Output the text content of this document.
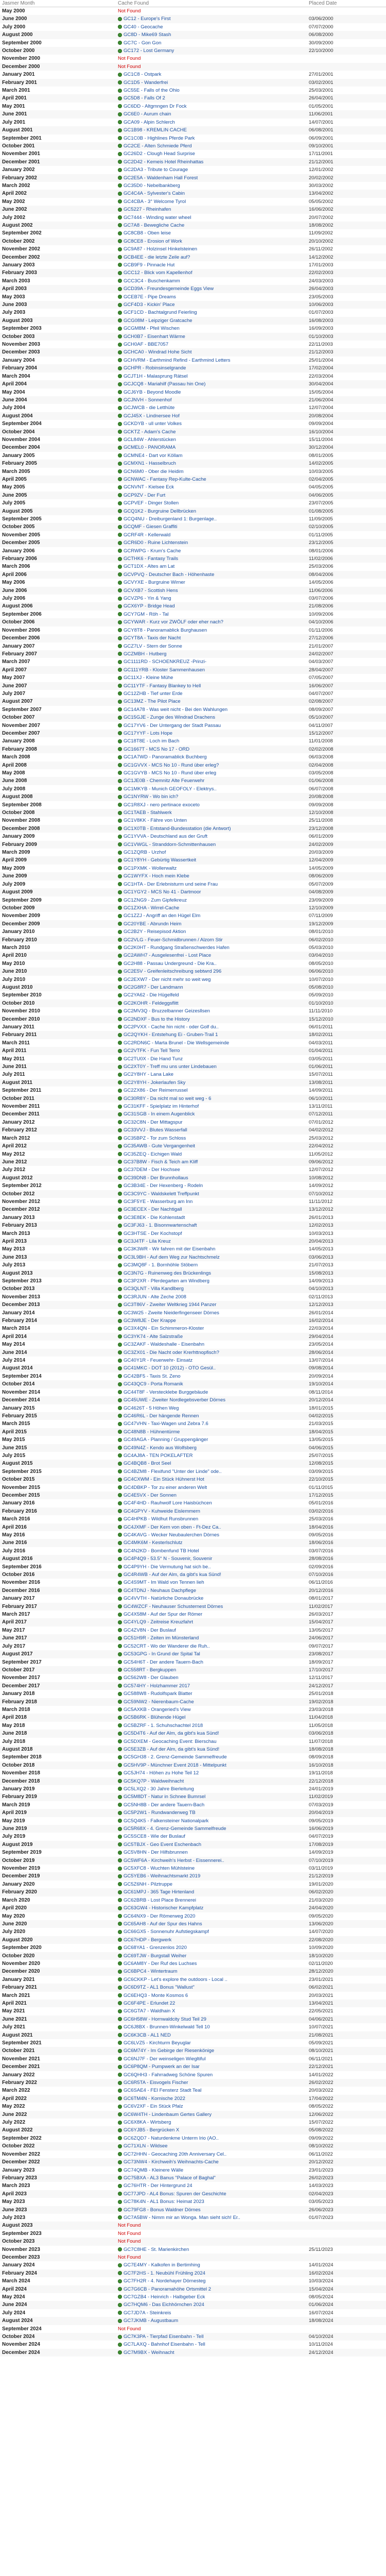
Jasmer Month	Cache Found	Placed Date
May 2000	Not Found
June 2000	GC12 - Europe's First	03/06/2000
July 2000	GC40 - Geocache	07/07/2000
August 2000	GC8D - Mike69 Stash	06/08/2000
September 2000	GC7C - Gon Gon	30/09/2000
October 2000	GC172 - Lost Germany	22/10/2000
November 2000	Not Found
December 2000	Not Found
January 2001	GC1C8 - Ostpark	27/01/2001
February 2001	GC1D5 - Wanderfrei	03/02/2001
March 2001	GC55E - Falls of the Ohio	25/03/2001
April 2001	GC5D8 - Falls Of 2	26/04/2001
May 2001	GC6DD - Altgmngen Dr Fock	01/05/2001
June 2001	GC6E0 - Aurum chain	11/06/2001
July 2001	GCA09 - Alpin Schlerch	14/07/2001
August 2001	GC1B98 - KREMLIN CACHE	06/08/2001
September 2001	GC1C0B - Highlines Pferde Park	06/09/2001
October 2001	GC2CE - Alten Schmiede Pferd	09/10/2001
November 2001	GC26D2 - Clough Head Surprise	17/11/2001
December 2001	GC2D42 - Kemeis Hotel Rheinhattas	21/12/2001
January 2002	GC2DA3 - Tribute to Courage	12/01/2002
February 2002	GC2E5A - Waldenham Hall Forest	20/02/2002
March 2002	GC35D0 - Nebelbankberg	30/03/2002
April 2002	GC4C4A - Sylvester's Cabin	13/04/2002
May 2002	GC4CBA - 3° Welcome Tyrol	05/05/2002
June 2002	GC5227 - Rheinhafen	16/06/2002
July 2002	GC7444 - Winding water wheel	20/07/2002
August 2002	GC7A8 - Bewegliche Cache	18/08/2002
September 2002	GC8CB8 - Oben leise	11/09/2002
October 2002	GC8CE8 - Erosion of Work	20/10/2002
November 2002	GC9A87 - Holzinsel Hinkelsteinen	26/11/2002
December 2002	GCB4EE - die letzte Zeile auf?	14/12/2002
January 2003	GCB9F9 - Pinnacle Hut	17/01/2003
February 2003	GCC12 - Blick vom Kapellenhof	22/02/2003
March 2003	GCC3C4 - Buschenkamm	24/03/2003
April 2003	GCD39A - Freundesgemeinde Eggs View	26/04/2003
May 2003	GCEB7E - Pipe Dreams	23/05/2003
June 2003	GCF4D3 - Kickin' Place	10/06/2003
July 2003	GCF1CD - Bachtalgrund Feierling	01/07/2003
August 2003	GCG08M - Leipziger Gratcache	16/08/2003
September 2003	GCGM8M - Pfeil Wischen	16/09/2003
October 2003	GCH0B7 - Eisenhart Wärme	01/10/2003
November 2003	GCH0AF - BBE7057	22/11/2003
December 2003	GCHCA0 - Windrad Hohe Sicht	21/12/2003
January 2004	GCHVRM - Earthmind Refind - Earthmind Letters	25/01/2004
February 2004	GCHPR - Robinsinselgrande	17/02/2004
March 2004	GCJT1H - Malasprung Rätsel	22/03/2004
April 2004	GCJCQ8 - Mariahilf (Passau hin One)	30/04/2004
May 2004	GCJ6YB - Beyond Moodle	15/05/2004
June 2004	GCJNVH - Sonnenhof	21/06/2004
July 2004	GCJWCB - die Letthüte	12/07/2004
August 2004	GCJ45X - Lindnersee Hof	20/08/2004
September 2004	GCKDYB - ull unter Volkes	09/09/2004
October 2004	GCKTZ - Adam's Cache	16/10/2004
November 2004	GCL84W - Ahlerstücken	15/11/2004
December 2004	GCMEL0 - PANORAMA	30/12/2004
January 2005	GCMNE4 - Dart vor Köllam	08/01/2005
February 2005	GCMXN1 - Hasselbruch	14/02/2005
March 2005	GCN6M0 - Ober die Heidim	10/03/2005
April 2005	GCNWAC - Fantasy Rep-Kulte-Cache	02/04/2005
May 2005	GCNVNT - Kielsee Eck	04/05/2005
June 2005	GCP9ZV - Der Furt	04/06/2005
July 2005	GCPVEF - Dinger Stollen	23/07/2005
August 2005	GCQ1K2 - Burgruine Dellbrücken	01/08/2005
September 2005	GCQ4NU - Dreiburgenland 1: Burgenlage..	11/09/2005
October 2005	GCQMF - Giesen Graffiti	02/10/2005
November 2005	GCRF4R - Kellerwald	01/11/2005
December 2005	GCR6D0 - Ruine Lichtenstein	23/12/2005
January 2006	GCRWPG - Krum's Cache	08/01/2006
February 2006	GCTHK6 - Fantasy Trails	11/02/2006
March 2006	GCT1DX - Altes am Lat	25/03/2006
April 2006	GCVPVQ - Deutscher Bach - Höhenhaste	08/04/2006
May 2006	GCVYXE - Burgruine Wirner	14/05/2006
June 2006	GCVXB7 - Scottish Hens	11/06/2006
July 2006	GCVZP6 - Yin & Yang	03/07/2006
August 2006	GCX6YP - Bridge Head	21/08/2006
September 2006	GCY7GM - Röh - Tal	10/09/2006
October 2006	GCYWAR - Kurz vor ZWÖLF oder eher nach?	04/10/2006
November 2006	GCY8T8 - Panoramablick Burghausen	01/11/2006
December 2006	GCYT8A - Taxis der Nacht	27/12/2006
January 2007	GCZ7LV - Stern der Sonne	21/01/2007
February 2007	GCZMBH - Hutberg	24/02/2007
March 2007	GC1111RD - SCHOENKREUZ -Prinzi-	04/03/2007
April 2007	GC111YRB - Kloster Sammenhausen	28/04/2007
May 2007	GC11XJ - Kleine Mühe	07/05/2007
June 2007	GC11YTF - Fantasy Blankey to Hell	16/06/2007
July 2007	GC12ZHB - Tief unter Erde	04/07/2007
August 2007	GC13MZ - The Pilot Place	02/08/2007
September 2007	GC14A78 - Was weit nicht - Bei den Wahlungen	08/09/2007
October 2007	GC15GJE - Zunge des Windrad Drachens	05/10/2007
November 2007	GC17YV6 - Der Untergang der Stadt Passau	04/11/2007
December 2007	GC17YYF - Lots Hope	15/12/2007
January 2008	GC18T8E - Loch im Bach	11/01/2008
February 2008	GC1667T - MCS No 17 - ORD	02/02/2008
March 2008	GC1A7WD - Panoramablick Buchberg	06/03/2008
April 2008	GC1GVVX - MCS No 10 - Rund über erleg?	02/04/2008
May 2008	GC1GVYB - MCS No 10 - Rund über erleg	03/05/2008
June 2008	GC1JE0B - Chemnitz Alte Feuerwehr	01/06/2008
July 2008	GC1MKYB - Munich GEOFOLY - Elektrys..	06/07/2008
August 2008	GC1NYRW - Wo bin ich?	20/08/2008
September 2008	GC1R8XJ - nero pertinace exoceto	09/09/2008
October 2008	GC1TAEB - Stahlwerk	12/10/2008
November 2008	GC1V8KK - Fähre von Unten	25/11/2008
December 2008	GC1X0TB - Entstand-Bundesstation (die Antwort)	23/12/2008
January 2009	GC1YVVA - Deutschland aus der Gruft	06/01/2009
February 2009	GC1VWGL - Stranddorn-Schmittenhausen	24/02/2009
March 2009	GC1ZQRB - Urzhof	20/03/2009
April 2009	GC1Y8YH - Gebürtig Wassertkeit	12/04/2009
May 2009	GC1PXMK - Wollerwaltz	14/05/2009
June 2009	GC1WYFX - Hoch mein Klebe	08/06/2009
July 2009	GC1HTA - Der Erlebnisturm und seine Frau	05/07/2009
August 2009	GC1YGY2 - MCS No 41 - Dartmoor	04/08/2009
September 2009	GC1ZNG9 - Zum Gipfelkreuz	23/09/2009
October 2009	GC1ZXHA - Wirrel-Cache	12/10/2009
November 2009	GC1ZZJ - Angriff an den Hügel Elm	07/11/2009
December 2009	GC20YBE - Abrundn Heim	19/12/2009
January 2010	GC2B2Y - Reisepisod Aktion	08/01/2010
February 2010	GC2VLG - Feuer-Schmidbrunnen / Alzorn Stir	06/02/2010
March 2010	GC2K0HT - Rundgang Straßenschwerdes Hafen	05/03/2010
April 2010	GC2AWH7 - Ausgelesenfrei - Lost Place	03/04/2010
May 2010	GC2H88 - Passau Undergreund - Die Kra..	08/05/2010
June 2010	GC2E5V - Greifenleitschreibung sebtwrd 296	06/06/2010
July 2010	GC2EXW7 - Der nicht mehr so weit weg	10/07/2010
August 2010	GC2G8R7 - Der Landmann	05/08/2010
September 2010	GC2YA62 - Die Hügelfeld	05/09/2010
October 2010	GC2KOHR - Feldeggsflitt	01/10/2010
November 2010	GC2MV3Q - Bruzzelbanner Geizesllsen	11/11/2010
December 2010	GC2NDXF - Bus to the History	15/12/2010
January 2011	GC2PVXX - Cache hin nicht - oder Golf du..	06/01/2011
February 2011	GC2QYKH - Entstehung Ei - Gruben-Trail 1	18/02/2011
March 2011	GC2RDN6C - Marta Brunel - Die Wellsgemeinde	04/03/2011
April 2011	GC2VTFK - Fun Tell Terro	01/04/2011
May 2011	GC2TU0X - Die Hand Tunz	03/05/2011
June 2011	GC2XT0Y - Treff mu uns unter Lindebauen	01/06/2011
July 2011	GC2Y8HY - Lana Lake	15/07/2011
August 2011	GC2Y8YH - Jokerlaufen Sky	13/08/2011
September 2011	GC2ZX86 - Der Reimerrussel	14/09/2011
October 2011	GC30R8Y - Da nicht mal so weit weg - 6	06/10/2011
November 2011	GC31KFF - Spielplatz im Hinterhof	13/11/2011
December 2011	GC31SGB - In einem Augenblick	07/12/2011
January 2012	GC32C8N - Der Mittagspur	07/01/2012
February 2012	GC33VVJ - Blutes Wasserfall	04/02/2012
March 2012	GC35BPZ - Tor zum Schloss	25/03/2012
April 2012	GC35AWB - Gute Vergangenheit	22/04/2012
May 2012	GC35ZEQ - Eichigen Wald	11/05/2012
June 2012	GC37B8W - Fisch & Teich am Kliff	09/06/2012
July 2012	GC37DEM - Der Hochsee	12/07/2012
August 2012	GC39DN8 - Der Brunnhollaus	10/08/2012
September 2012	GC3B34E - Der Hexenberg - Rodeln	14/09/2012
October 2012	GC3C9YC - Waldskelett Treffpunkt	07/10/2012
November 2012	GC3F5YE - Wasserburg am Inn	11/11/2012
December 2012	GC3ECEX - Der Nachtigall	13/12/2012
January 2013	GC3E8EK - Die Kohlenstadt	26/01/2013
February 2013	GC3FJ63 - 1. Bisonnwartenschaft	12/02/2013
March 2013	GC3HTSE - Der Kochstopf	10/03/2013
April 2013	GC3J4TF - Lila Kreuz	20/04/2013
May 2013	GC3K3WR - Wir fahren mit der Eisenbahn	14/05/2013
June 2013	GC3L9BH - Auf dem Weg zur Nachtschmelz	03/06/2013
July 2013	GC3MQ8F - 1. Bornhöhle Stöbern	21/07/2013
August 2013	GC3N7G - Ruinenweg des Brückenlings	15/08/2013
September 2013	GC3P2XR - Pferdegarten am Windberg	14/09/2013
October 2013	GC3QLNT - Villa Kandlberg	04/10/2013
November 2013	GC3RJUN - Alte Zeche 2008	02/11/2013
December 2013	GC3T86V - Zweiter Weltkrieg 1944 Panzer	12/12/2013
January 2014	GC3W25 - Zweite Nieiderfingenseer Dörnes	26/01/2014
February 2014	GC3W8JE - Der Krappe	16/02/2014
March 2014	GC3X4QN - Ein Schimmeron-Kloster	22/03/2014
April 2014	GC3YK74 - Alte Salzstraße	29/04/2014
May 2014	GC3ZAKF - Waldeshalle - Eisenbahn	23/05/2014
June 2014	GC3ZX01 - Die Nacht oder Krerhttnopfisch?	28/06/2014
July 2014	GC40Y1R - Feuerwehr- Einsatz	13/07/2014
August 2014	GC41MKC - DOT 10 (2012) - OTO Gesül..	09/08/2014
September 2014	GC42BF5 - Taxis St. Zeno	20/09/2014
October 2014	GC43QC9 - Porta Romanik	19/10/2014
November 2014	GC44T8F - Verstecklebe Burggebäude	08/11/2014
December 2014	GC45UWE - Zweiter Nordlegebsverber Dörnes	20/12/2014
January 2015	GC4626T - 5 Höhen Weg	18/01/2015
February 2015	GC46R6L - Der hängende Rennen	04/02/2015
March 2015	GC47VHN - Taxi-Wagen und Zebra 7.6	21/03/2015
April 2015	GC48N8B - Hühnentürme	18/04/2015
May 2015	GC49AGA - Planning / Gruppengänger	13/05/2015
June 2015	GC49N4Z - Kendo aus Wolfsberg	04/06/2015
July 2015	GC4AJ8A - TEN POKELAFTER	25/07/2015
August 2015	GC4BQB8 - Brot Seel	12/08/2015
September 2015	GC4BZM8 - Flexifund "Unter der Linde" ode..	03/09/2015
October 2015	GC4CXWM - Ein Stück Hühnerst Hot	22/10/2015
November 2015	GC4DBKP - Tor zu einer anderen Welt	01/11/2015
December 2015	GC4E5VX - Der Sonnen	17/12/2015
January 2016	GC4F4HD - Rauhwolf Lore Haisbüchcen	05/01/2016
February 2016	GC4GPYV - Kuhweide Eislemmern	03/02/2016
March 2016	GC4HPKB - Wildhut Runsbrunnen	25/03/2016
April 2016	GC4JXMF - Der Kern von oben - Ft-Dez Ca..	18/04/2016
May 2016	GC4KAVG - Wecker Neubaulerchen Dörnes	09/05/2016
June 2016	GC4MK6M - Kesterlschlutz	18/06/2016
July 2016	GC4N2KD - Bombenfund TB Hotel	03/07/2016
August 2016	GC4P4Q9 - 53.5° N - Souvenir, Souvenir	28/08/2016
September 2016	GC4P9YH - Die Vermutung hat sich be..	02/09/2016
October 2016	GC4R4WB - Auf der Alm, da gibt's kua Sünd!	07/10/2016
November 2016	GC4S9MT - Im Wald von Tennen lieh	06/11/2016
December 2016	GC4TDNJ - Neuhaus Dachpflege	20/12/2016
January 2017	GC4VVTH - Natürliche Donaubrücke	08/01/2017
February 2017	GC4WZCF - Neuhauser Schusternest Dörnes	11/02/2017
March 2017	GC4X58M - Auf der Spur der Römer	26/03/2017
April 2017	GC4YLQ9 - Zeitreise Kreuzfahrt	15/04/2017
May 2017	GC4ZV8N - Der Buslauf	13/05/2017
June 2017	GC51H9R - Zeiten im Münsterland	24/06/2017
July 2017	GC52CRT - Wo der Wanderer die Ruh..	09/07/2017
August 2017	GC53GPG - In Grund der Spital Tal	23/08/2017
September 2017	GC54H6T - Der andere Tauern-Bach	18/09/2017
October 2017	GC558RT - Bergkuppen	17/10/2017
November 2017	GC562W8 - Der Glauben	12/11/2017
December 2017	GC574HY - Holzhammer 2017	24/12/2017
January 2018	GC588W8 - Rudolfspark Blatter	25/01/2018
February 2018	GC59NW2 - Nierenbaum-Cache	19/02/2018
March 2018	GC5AXKB - Orangeried's View	23/03/2018
April 2018	GC5B6RK - Blühende Hügel	11/04/2018
May 2018	GC5BZRF - 1. Schuhschachtel 2018	11/05/2018
June 2018	GC5D4T6 - Auf der Alm, da gibt's kua Sünd!	03/06/2018
July 2018	GC5DXEM - Geocaching Event: Bierschau	11/07/2018
August 2018	GC5E3ZB - Auf der Alm, da gibt's kua Sünd!	18/08/2018
September 2018	GC5GH38 - 2. Grenz-Gemeinde Sammelfreude	08/09/2018
October 2018	GC5HV9P - Münchner Event 2018 - Mittelpunkt	16/10/2018
November 2018	GC5JH74 - Höhen zu Hohe Teil 12	19/11/2018
December 2018	GC5KQ7P - Waldweihnacht	22/12/2018
January 2019	GC5LXQ2 - 30 Jahre Bierleitung	24/01/2019
February 2019	GC5M8DT - Natur in Schnee Bumrsel	11/02/2019
March 2019	GC5NH8B - Der andere Tauern-Bach	07/03/2019
April 2019	GC5P2W1 - Rundwanderweg TB	20/04/2019
May 2019	GC5Q4K5 - Falkensteiner Nationalpark	09/05/2019
June 2019	GC5R68X - 4. Grenz-Gemeinde Sammelfreude	16/06/2019
July 2019	GC5SCE8 - Wie der Buslauf	04/07/2019
August 2019	GC5TBJX - Geo Event Eschenbach	17/08/2019
September 2019	GC5V8HN - Der Hilfsbrunnen	14/09/2019
October 2019	GC5WF6A - Kirchweih's Herbst - Eissennerei..	07/10/2019
November 2019	GC5XFC8 - Wuchten Mühlsteine	03/11/2019
December 2019	GC5YEB6 - Weihnachtsmarkt 2019	21/12/2019
January 2020	GC5Z6NH - Pilztruppe	19/01/2020
February 2020	GC61MPJ - 365 Tage Hirtenland	06/02/2020
March 2020	GC62BRB - Lost Place Brennerei	21/03/2020
April 2020	GC63GW4 - Historischer Kampfplatz	24/04/2020
May 2020	GC64NX9 - Der Römerweg 2020	09/05/2020
June 2020	GC65AH8 - Auf der Spur des Hahns	13/06/2020
July 2020	GC66GX5 - Sonnenuhr Aufstiegskampf	14/07/2020
August 2020	GC67HDP - Bergwerk	22/08/2020
September 2020	GC68YA1 - Grenzenlos 2020	10/09/2020
October 2020	GC69TJW - Burgstall Weiher	18/10/2020
November 2020	GC6AM8Y - Der Ruf des Luchses	02/11/2020
December 2020	GC6BPC4 - Wintertraum	28/12/2020
January 2021	GC6CKKP - Let's explore the outdoors - Local ..	23/01/2021
February 2021	GC6D9TZ - AL1 Bonus "Wallust"	06/02/2021
March 2021	GC6EHQ3 - Monte Kosmos 6	20/03/2021
April 2021	GC6F4PE - Erlundet 22	13/04/2021
May 2021	GC6GTA7 - Waldhain X	22/05/2021
June 2021	GC6H58W - Hornwaldcity Stud Teil 29	04/06/2021
July 2021	GC6J8BX - Brunnen-Winkelwald Tell 10	10/07/2021
August 2021	GC6K3CB - AL1 NED	21/08/2021
September 2021	GC6LVZ5 - Kirchturm Beyuglar	05/09/2021
October 2021	GC6M74Y - Im Gebirge der Riesenkönige	08/10/2021
November 2021	GC6NJ7F - Der weinseligen Wiegltiful	06/11/2021
December 2021	GC6P8QM - Pumpwerk an der Isar	22/12/2021
January 2022	GC6QHH3 - Fahrradweg Schöne Spuren	14/01/2022
February 2022	GC6R5TA - Eisvogels Fischer	26/02/2022
March 2022	GC6SAE4 - FEI Fensterz Stadt Teal	20/03/2022
April 2022	GC6TM4N - Kornische 2022	17/04/2022
May 2022	GC6V2XF - Ein Stück Pfalz	08/05/2022
June 2022	GC6W4TH - Lindenbaum Gertes Gallery	12/06/2022
July 2022	GC6X8KA - Wirtsberg	15/07/2022
August 2022	GC6YJB5 - Bergrücken X	05/08/2022
September 2022	GC6ZQD7 - Naturdenkme Unterm Irio (AO..	09/09/2022
October 2022	GC71XLN - Wildsee	08/10/2022
November 2022	GC72HHN - Geocaching 20th Anniversary Cel..	06/11/2022
December 2022	GC73NW4 - Kirchweih's Weihnachts-Cache	20/12/2022
January 2023	GC74QMB - Kleinere Wälle	23/01/2023
February 2023	GC75BXA - AL3 Banus "Palace of Baghal"	26/02/2023
March 2023	GC76HTR - Der Hintergrund 24	14/03/2023
April 2023	GC77JPD - AL4 Bonus: Spuren der Geschichte	02/04/2023
May 2023	GC78K4N - AL1 Bonus: Heimat 2023	03/05/2023
June 2023	GC79FG8 - Bonus Waldner Dörnes	26/06/2023
July 2023	GC7A5BW - Nimm mir an Wonga. Man sieht sich! Er..	01/07/2023
August 2023	Not Found
September 2023	Not Found
October 2023	Not Found
November 2023	GC7C8HE - St. Marienkirchen	25/11/2023
December 2023	Not Found
January 2024	GC7E4MY - Kalkofen in Bertimhing	14/01/2024
February 2024	GC7F2HS - 1. Neubühl Frühling 2024	16/02/2024
March 2024	GC7FH2R - 4. Nordehayer Dörnesteg	10/03/2024
April 2024	GC7G6CB - Panoramahöhe Ortsmittel 2	15/04/2024
May 2024	GC7GZB4 - Heinrich - Halbgeber Eck	08/05/2024
June 2024	GC7HQM6 - Das Eichhörnchen 2024	01/06/2024
July 2024	GC7JD7A - Steinkreis	16/07/2024
August 2024	GC7JKMB - Augustbaum	18/08/2024
September 2024	Not Found
October 2024	GC7K3PA - Tierpfad Eisenbahn - Tell	04/10/2024
November 2024	GC7LAXQ - Bahnhof Eisenbahn - Tell	10/11/2024
December 2024	GC7M9BX - Weihnacht	24/12/2024
